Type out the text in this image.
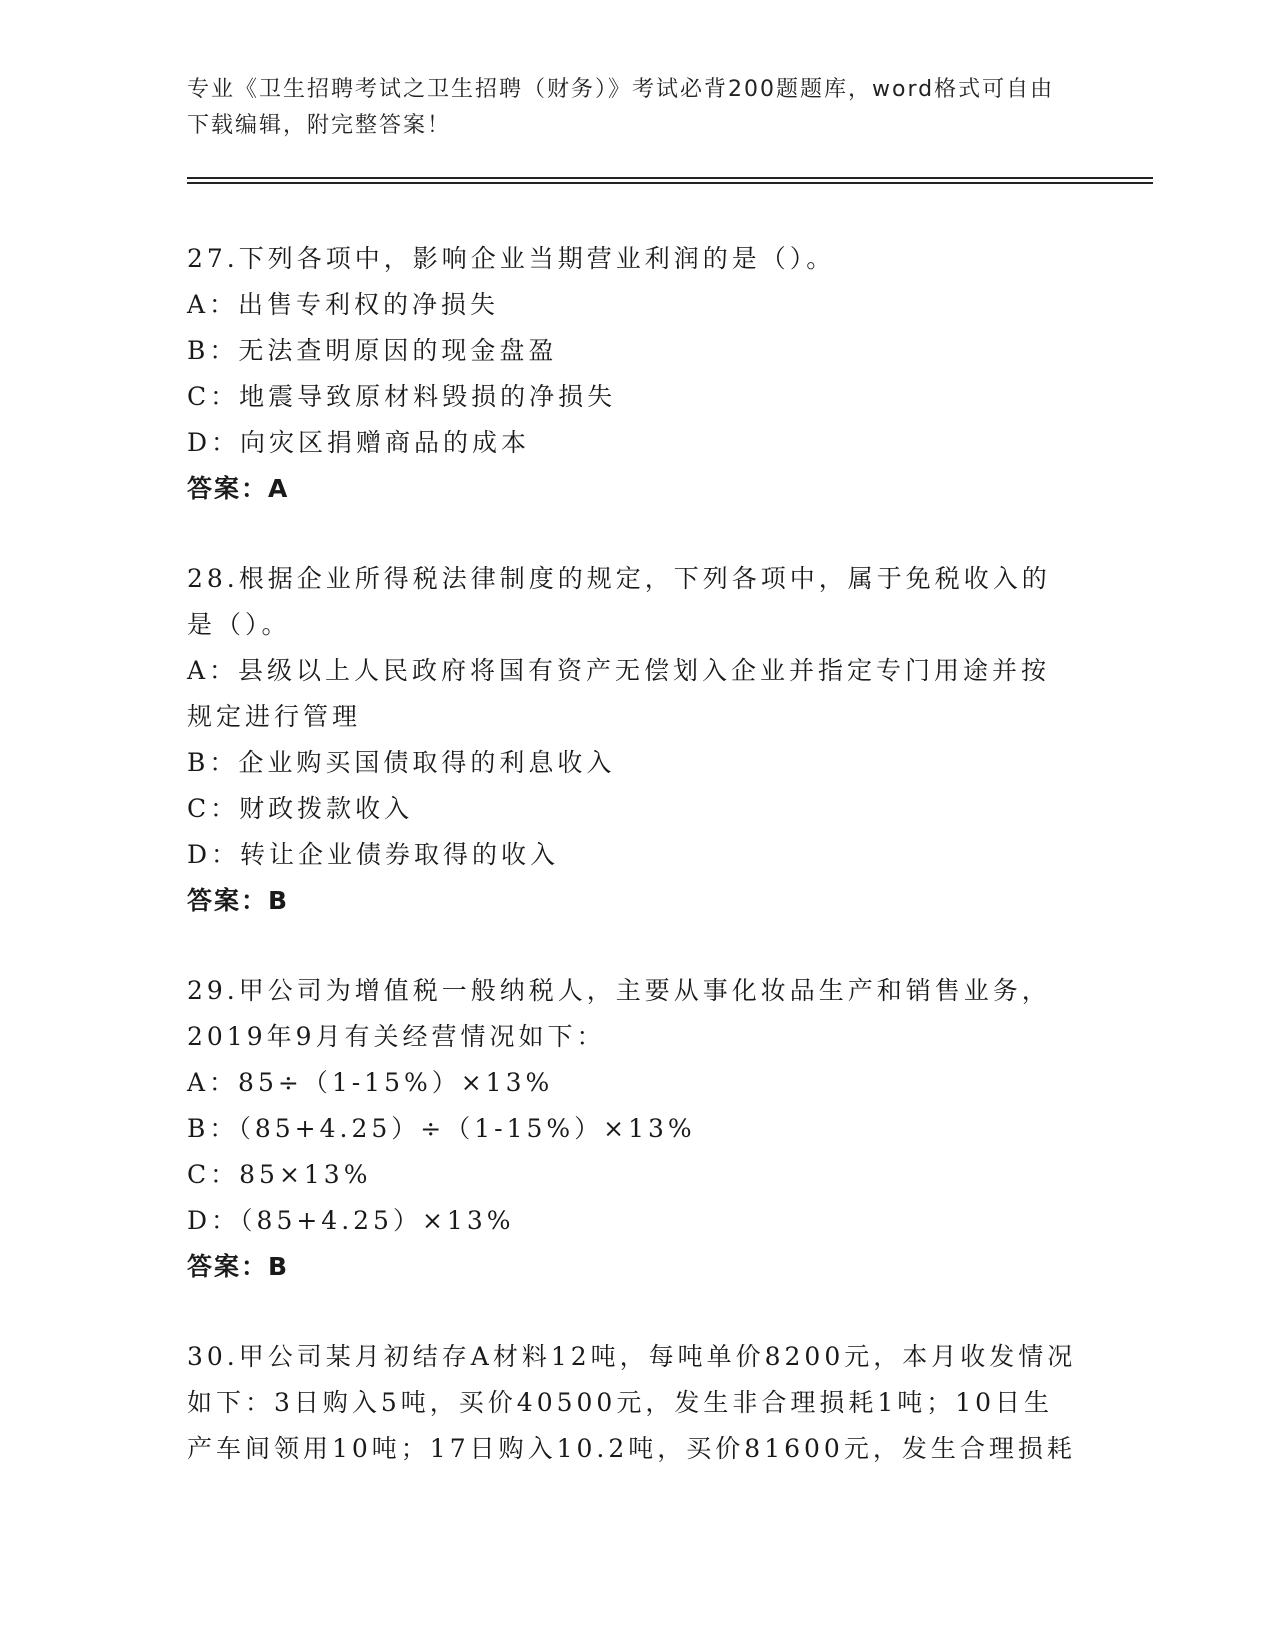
专业《卫生招聘考试之卫生招聘（财务）》考试必背200题题库，word格式可自由下载编辑，附完整答案！
27.下列各项中，影响企业当期营业利润的是（）。
A：出售专利权的净损失
B：无法查明原因的现金盘盈
C：地震导致原材料毁损的净损失
D：向灾区捐赠商品的成本
答案：A
28.根据企业所得税法律制度的规定，下列各项中，属于免税收入的是（）。
A：县级以上人民政府将国有资产无偿划入企业并指定专门用途并按规定进行管理
B：企业购买国债取得的利息收入
C：财政拨款收入
D：转让企业债券取得的收入
答案：B
29.甲公司为增值税一般纳税人，主要从事化妆品生产和销售业务，2019年9月有关经营情况如下：
A：85÷（1-15%）×13%
B：（85+4.25）÷（1-15%）×13%
C：85×13%
D：（85+4.25）×13%
答案：B
30.甲公司某月初结存A材料12吨，每吨单价8200元，本月收发情况如下：3日购入5吨，买价40500元，发生非合理损耗1吨；10日生产车间领用10吨；17日购入10.2吨，买价81600元，发生合理损耗
